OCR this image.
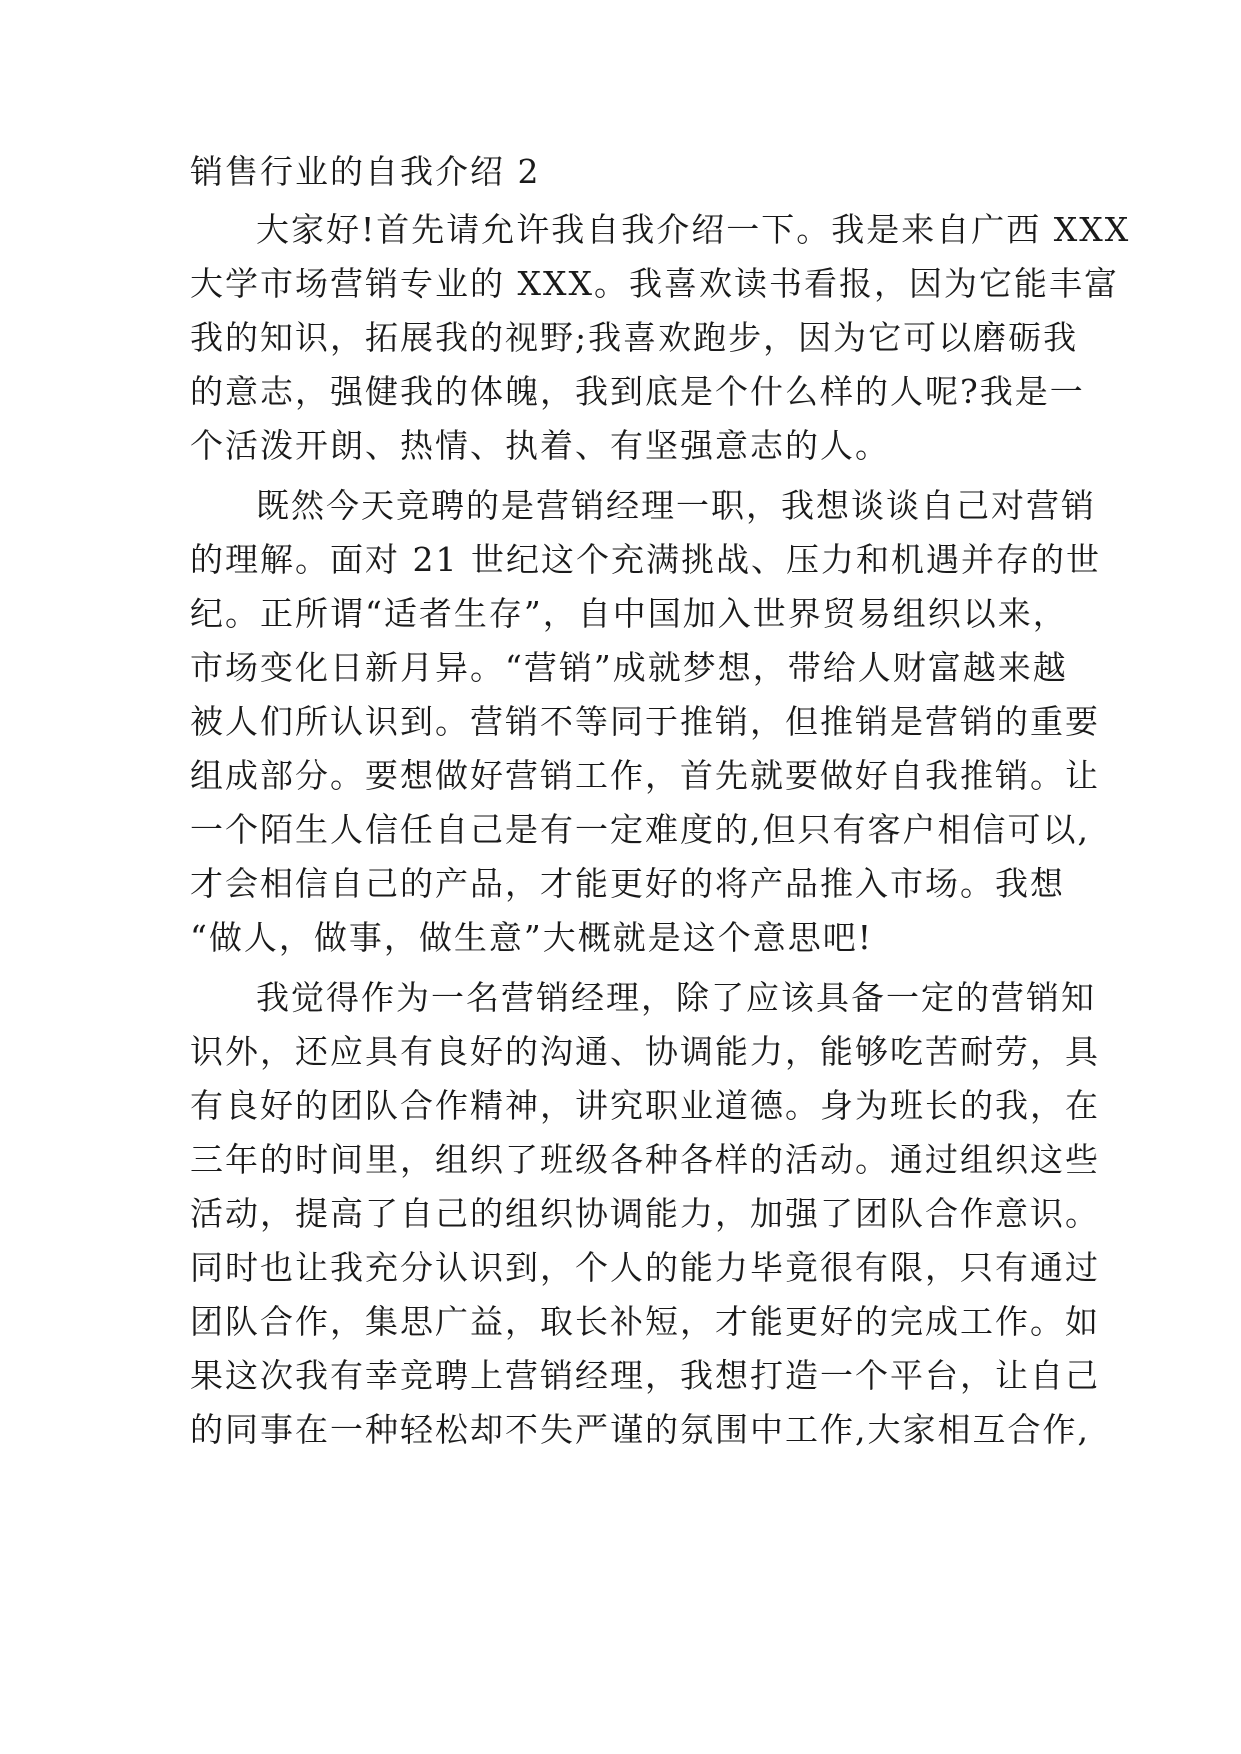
销售行业的自我介绍 2
大家好!首先请允许我自我介绍一下。我是来自广西 XXX
大学市场营销专业的 XXX。我喜欢读书看报，因为它能丰富
我的知识，拓展我的视野;我喜欢跑步，因为它可以磨砺我
的意志，强健我的体魄，我到底是个什么样的人呢?我是一
个活泼开朗、热情、执着、有坚强意志的人。
既然今天竞聘的是营销经理一职，我想谈谈自己对营销
的理解。面对 21 世纪这个充满挑战、压力和机遇并存的世
纪。正所谓“适者生存”，自中国加入世界贸易组织以来，
市场变化日新月异。“营销”成就梦想，带给人财富越来越
被人们所认识到。营销不等同于推销，但推销是营销的重要
组成部分。要想做好营销工作，首先就要做好自我推销。让
一个陌生人信任自己是有一定难度的,但只有客户相信可以,
才会相信自己的产品，才能更好的将产品推入市场。我想
“做人，做事，做生意”大概就是这个意思吧!
我觉得作为一名营销经理，除了应该具备一定的营销知
识外，还应具有良好的沟通、协调能力，能够吃苦耐劳，具
有良好的团队合作精神，讲究职业道德。身为班长的我，在
三年的时间里，组织了班级各种各样的活动。通过组织这些
活动，提高了自己的组织协调能力，加强了团队合作意识。
同时也让我充分认识到，个人的能力毕竟很有限，只有通过
团队合作，集思广益，取长补短，才能更好的完成工作。如
果这次我有幸竞聘上营销经理，我想打造一个平台，让自己
的同事在一种轻松却不失严谨的氛围中工作,大家相互合作,
